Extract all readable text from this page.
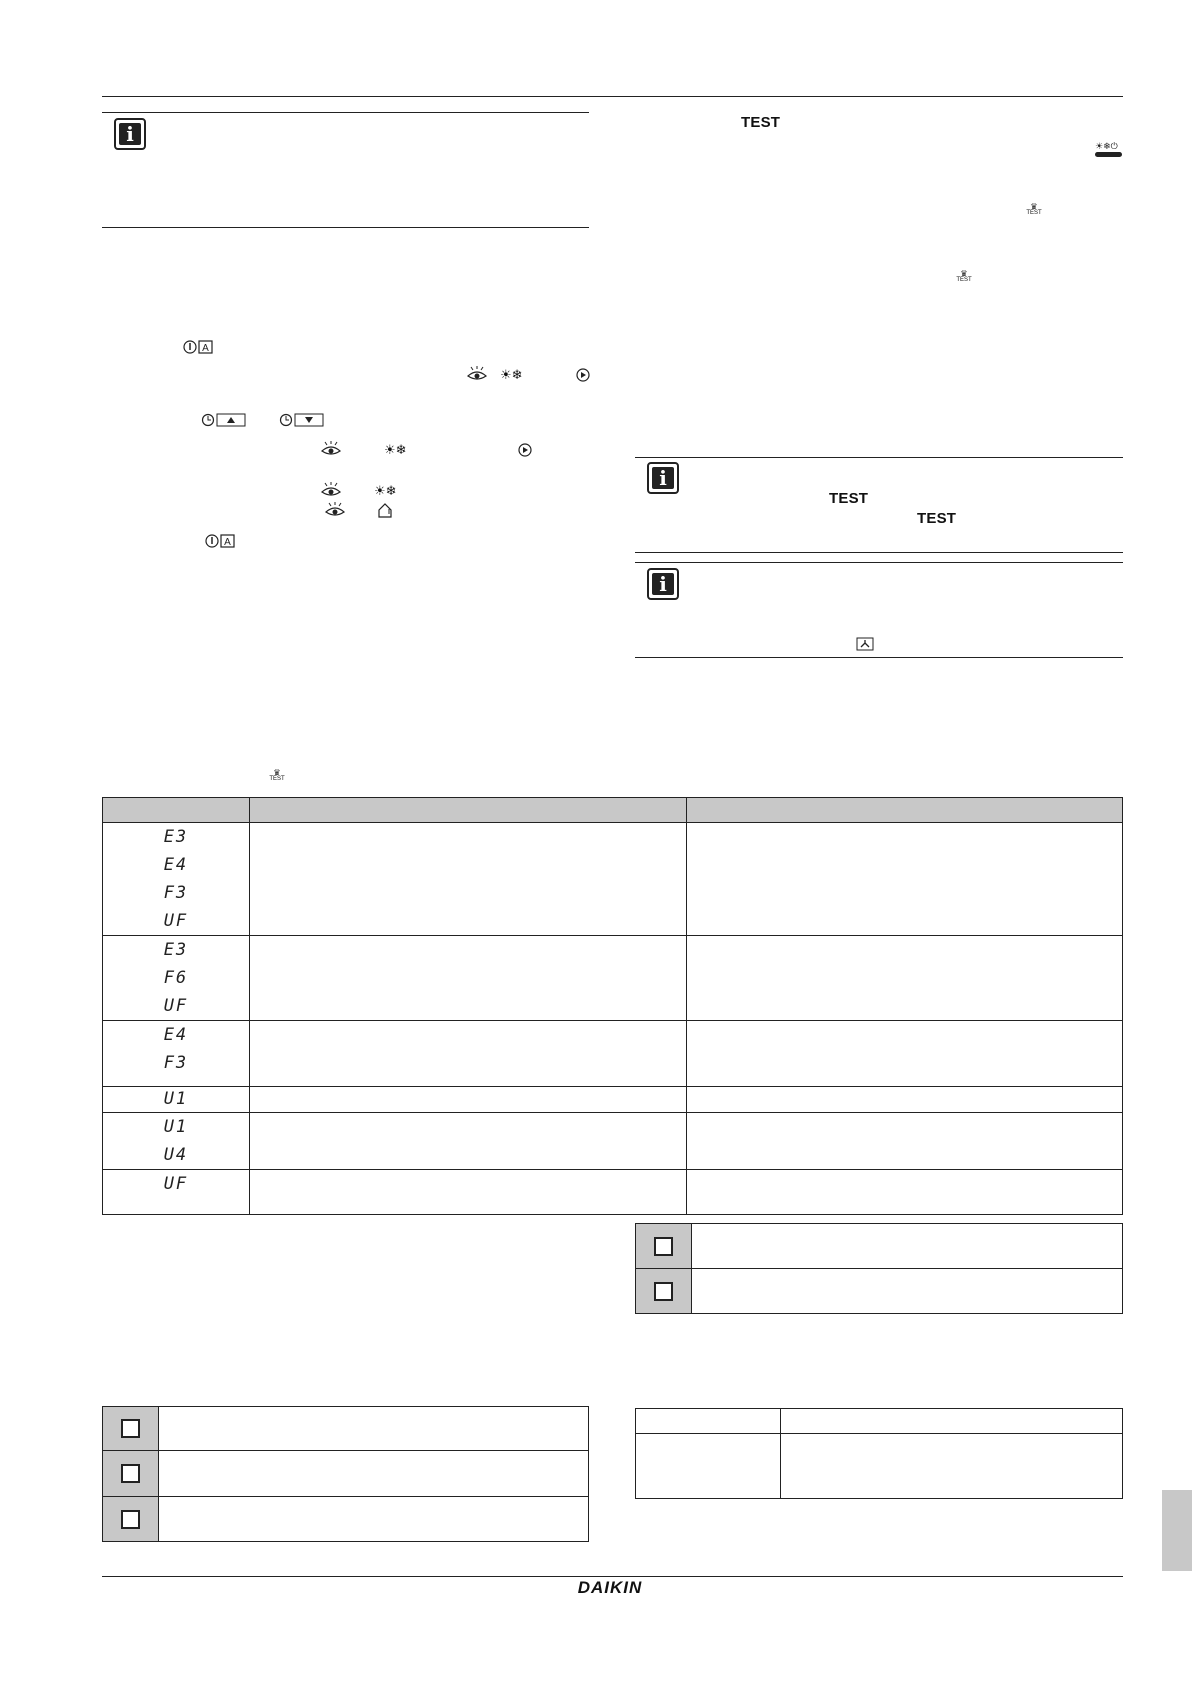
i
A
☀❄
☀❄
☀❄
A
TEST
☀❄⏻
♛
TEST
♛
TEST
i
TEST
TEST
i
♛
TEST

E3
E4
F3
UF		

E3
F6
UF		

E4
F3		

U1		

U1
U4		

UF		

DAIKIN
